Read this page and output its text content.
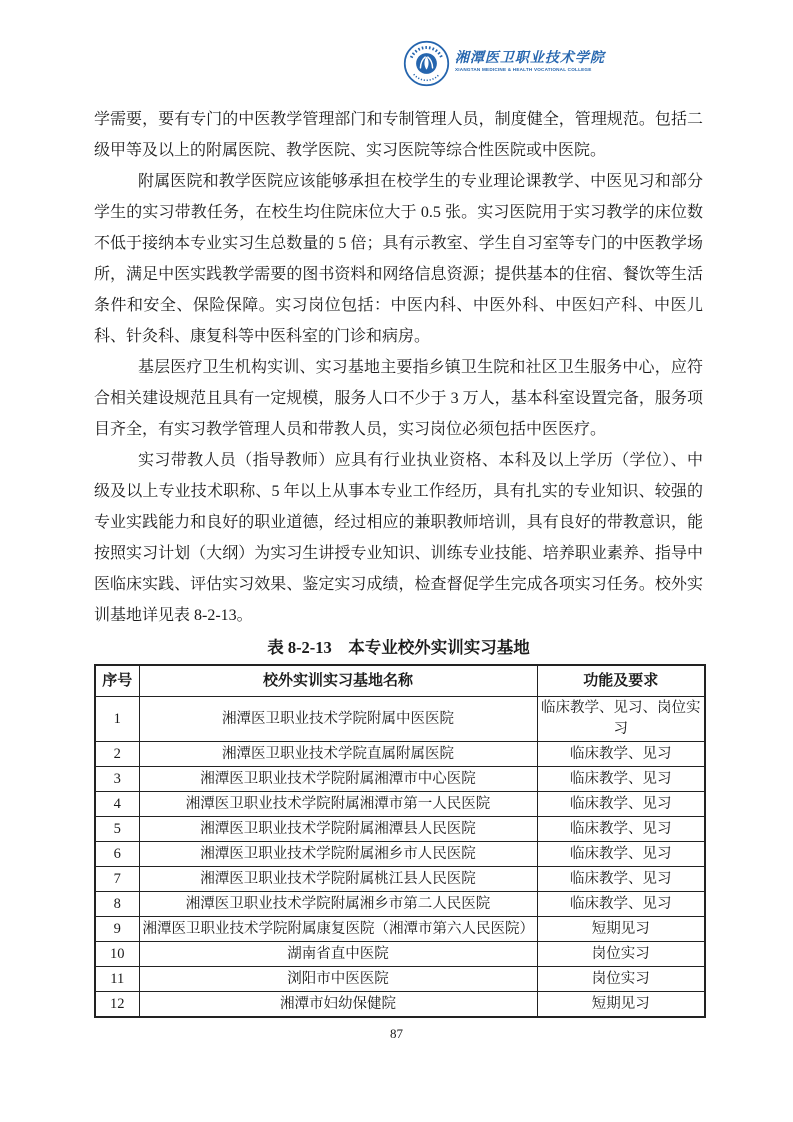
湘潭医卫职业技术学院
XIANGTAN MEDICINE & HEALTH VOCATIONAL COLLEGE

学需要，要有专门的中医教学管理部门和专制管理人员，制度健全，管理规范。包括二级甲等及以上的附属医院、教学医院、实习医院等综合性医院或中医院。

附属医院和教学医院应该能够承担在校学生的专业理论课教学、中医见习和部分学生的实习带教任务，在校生均住院床位大于 0.5 张。实习医院用于实习教学的床位数不低于接纳本专业实习生总数量的 5 倍；具有示教室、学生自习室等专门的中医教学场所，满足中医实践教学需要的图书资料和网络信息资源；提供基本的住宿、餐饮等生活条件和安全、保险保障。实习岗位包括：中医内科、中医外科、中医妇产科、中医儿科、针灸科、康复科等中医科室的门诊和病房。

基层医疗卫生机构实训、实习基地主要指乡镇卫生院和社区卫生服务中心，应符合相关建设规范且具有一定规模，服务人口不少于 3 万人，基本科室设置完备，服务项目齐全，有实习教学管理人员和带教人员，实习岗位必须包括中医医疗。

实习带教人员（指导教师）应具有行业执业资格、本科及以上学历（学位）、中级及以上专业技术职称、5 年以上从事本专业工作经历，具有扎实的专业知识、较强的专业实践能力和良好的职业道德，经过相应的兼职教师培训，具有良好的带教意识，能按照实习计划（大纲）为实习生讲授专业知识、训练专业技能、培养职业素养、指导中医临床实践、评估实习效果、鉴定实习成绩，检查督促学生完成各项实习任务。校外实训基地详见表 8-2-13。

表 8-2-13　本专业校外实训实习基地
序号	校外实训实习基地名称	功能及要求
1	湘潭医卫职业技术学院附属中医医院	临床教学、见习、岗位实习
2	湘潭医卫职业技术学院直属附属医院	临床教学、见习
3	湘潭医卫职业技术学院附属湘潭市中心医院	临床教学、见习
4	湘潭医卫职业技术学院附属湘潭市第一人民医院	临床教学、见习
5	湘潭医卫职业技术学院附属湘潭县人民医院	临床教学、见习
6	湘潭医卫职业技术学院附属湘乡市人民医院	临床教学、见习
7	湘潭医卫职业技术学院附属桃江县人民医院	临床教学、见习
8	湘潭医卫职业技术学院附属湘乡市第二人民医院	临床教学、见习
9	湘潭医卫职业技术学院附属康复医院（湘潭市第六人民医院）	短期见习
10	湖南省直中医院	岗位实习
11	浏阳市中医医院	岗位实习
12	湘潭市妇幼保健院	短期见习
87
